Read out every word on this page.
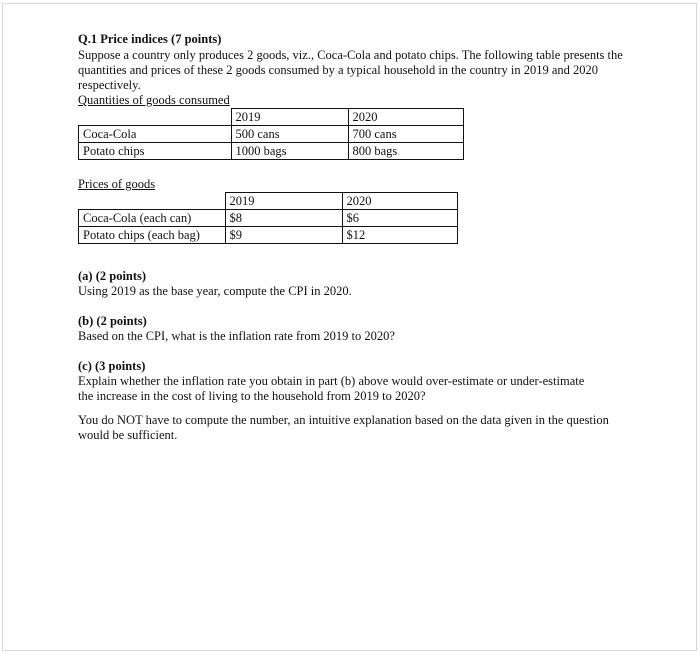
Q.1 Price indices (7 points)

Suppose a country only produces 2 goods, viz., Coca-Cola and potato chips. The following table presents the quantities and prices of these 2 goods consumed by a typical household in the country in 2019 and 2020 respectively.

Quantities of goods consumed

	2019	2020
Coca-Cola	500 cans	700 cans
Potato chips	1000 bags	800 bags

Prices of goods

	2019	2020
Coca-Cola (each can)	$8	$6
Potato chips (each bag)	$9	$12

(a) (2 points)

Using 2019 as the base year, compute the CPI in 2020.

(b) (2 points)

Based on the CPI, what is the inflation rate from 2019 to 2020?

(c) (3 points)

Explain whether the inflation rate you obtain in part (b) above would over-estimate or under-estimate the increase in the cost of living to the household from 2019 to 2020?

You do NOT have to compute the number, an intuitive explanation based on the data given in the question would be sufficient.
